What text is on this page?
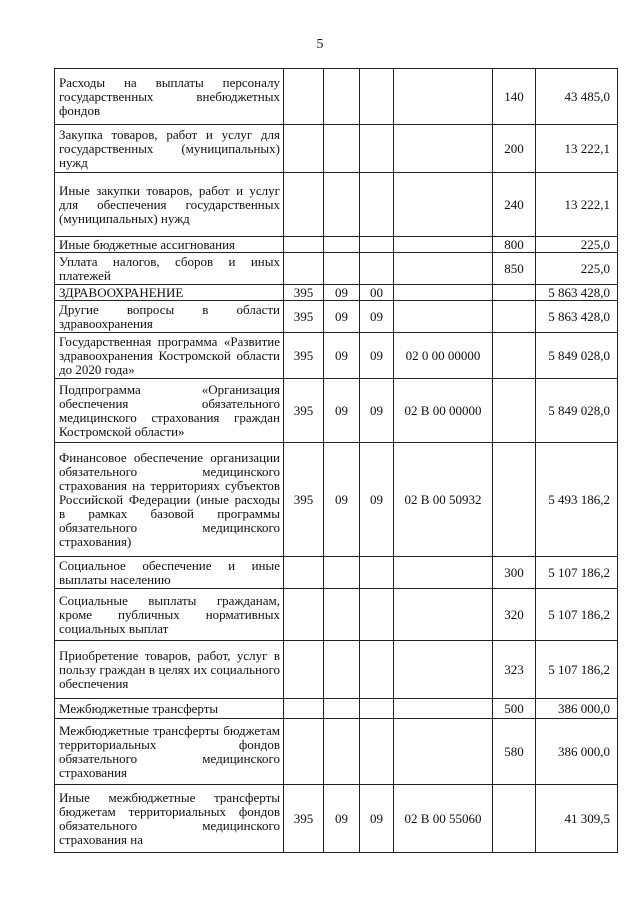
5
Расходы на выплаты персоналу государственных внебюджетных фондов					140	43 485,0
Закупка товаров, работ и услуг для государственных (муниципальных) нужд					200	13 222,1
Иные закупки товаров, работ и услуг для обеспечения государственных (муниципальных) нужд					240	13 222,1
Иные бюджетные ассигнования					800	225,0
Уплата налогов, сборов и иных платежей					850	225,0
ЗДРАВООХРАНЕНИЕ	395	09	00			5 863 428,0
Другие вопросы в области здравоохранения	395	09	09			5 863 428,0
Государственная программа «Развитие здравоохранения Костромской области до 2020 года»	395	09	09	02 0 00 00000		5 849 028,0
Подпрограмма «Организация обеспечения обязательного медицинского страхования граждан Костромской области»	395	09	09	02 В 00 00000		5 849 028,0
Финансовое обеспечение организации обязательного медицинского страхования на территориях субъектов Российской Федерации (иные расходы в рамках базовой программы обязательного медицинского страхования)	395	09	09	02 В 00 50932		5 493 186,2
Социальное обеспечение и иные выплаты населению					300	5 107 186,2
Социальные выплаты гражданам, кроме публичных нормативных социальных выплат					320	5 107 186,2
Приобретение товаров, работ, услуг в пользу граждан в целях их социального обеспечения					323	5 107 186,2
Межбюджетные трансферты					500	386 000,0
Межбюджетные трансферты бюджетам территориальных фондов обязательного медицинского страхования					580	386 000,0
Иные межбюджетные трансферты бюджетам территориальных фондов обязательного медицинского страхования на	395	09	09	02 В 00 55060		41 309,5
